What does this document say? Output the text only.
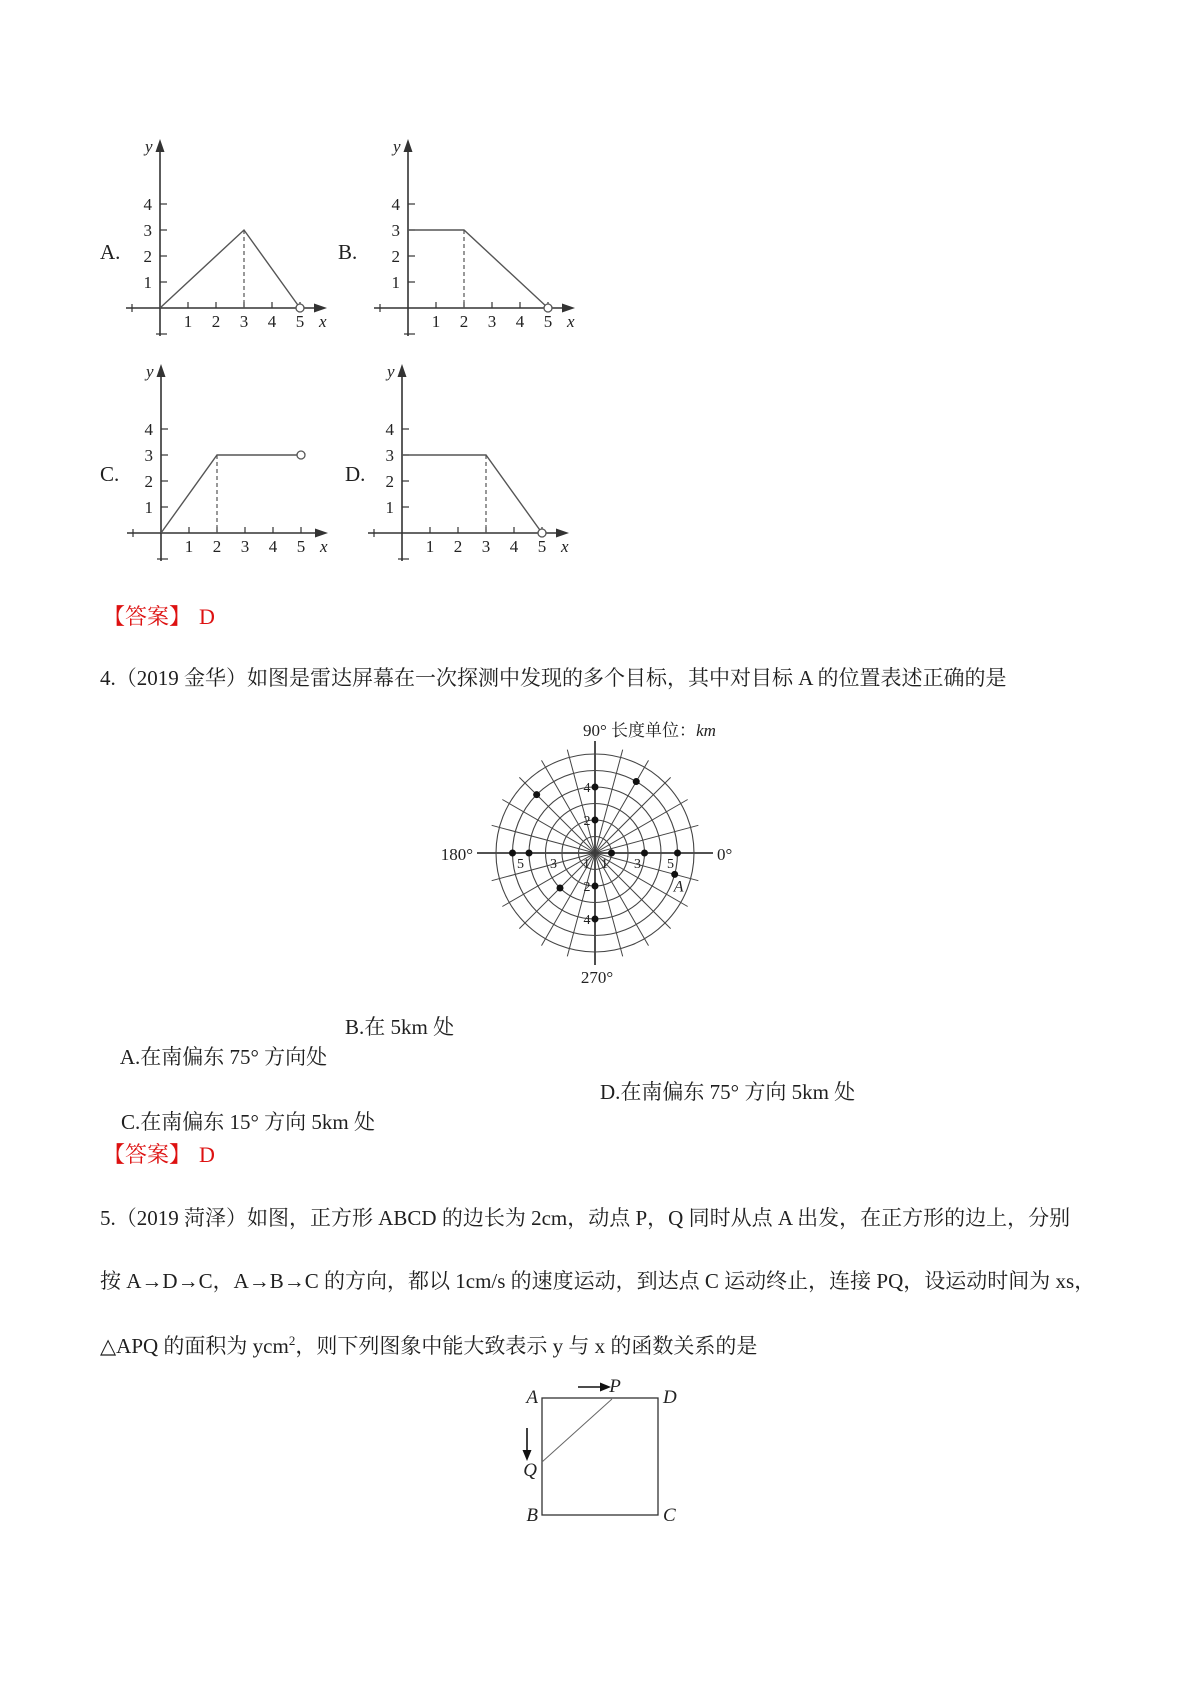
A.
1 2 3 4 5 x
1
2
3
4
y
B.
1 2 3 4 5 x
1
2
3
4
y
C.
1 2 3 4 5 x
1
2
3
4
y
D.
1 2 3 4 5 x
1
2
3
4
y
【答案】 D
4.（2019 金华）如图是雷达屏幕在一次探测中发现的多个目标，其中对目标 A 的位置表述正确的是
90° 长度单位：km
0°
180°
270°
1 3 5
5 3 1
2
4
2
4
A

A.在南偏东 75° 方向处

B.在 5km 处

C.在南偏东 15° 方向 5km 处

D.在南偏东 75° 方向 5km 处

【答案】 D
5.（2019 菏泽）如图，正方形 ABCD 的边长为 2cm，动点 P，Q 同时从点 A 出发，在正方形的边上，分别
按 A→D→C，A→B→C 的方向，都以 1cm/s 的速度运动，到达点 C 运动终止，连接 PQ，设运动时间为 xs，
△APQ 的面积为 ycm$^2$，则下列图象中能大致表示 y 与 x 的函数关系的是
A	D
B	C
P
Q
